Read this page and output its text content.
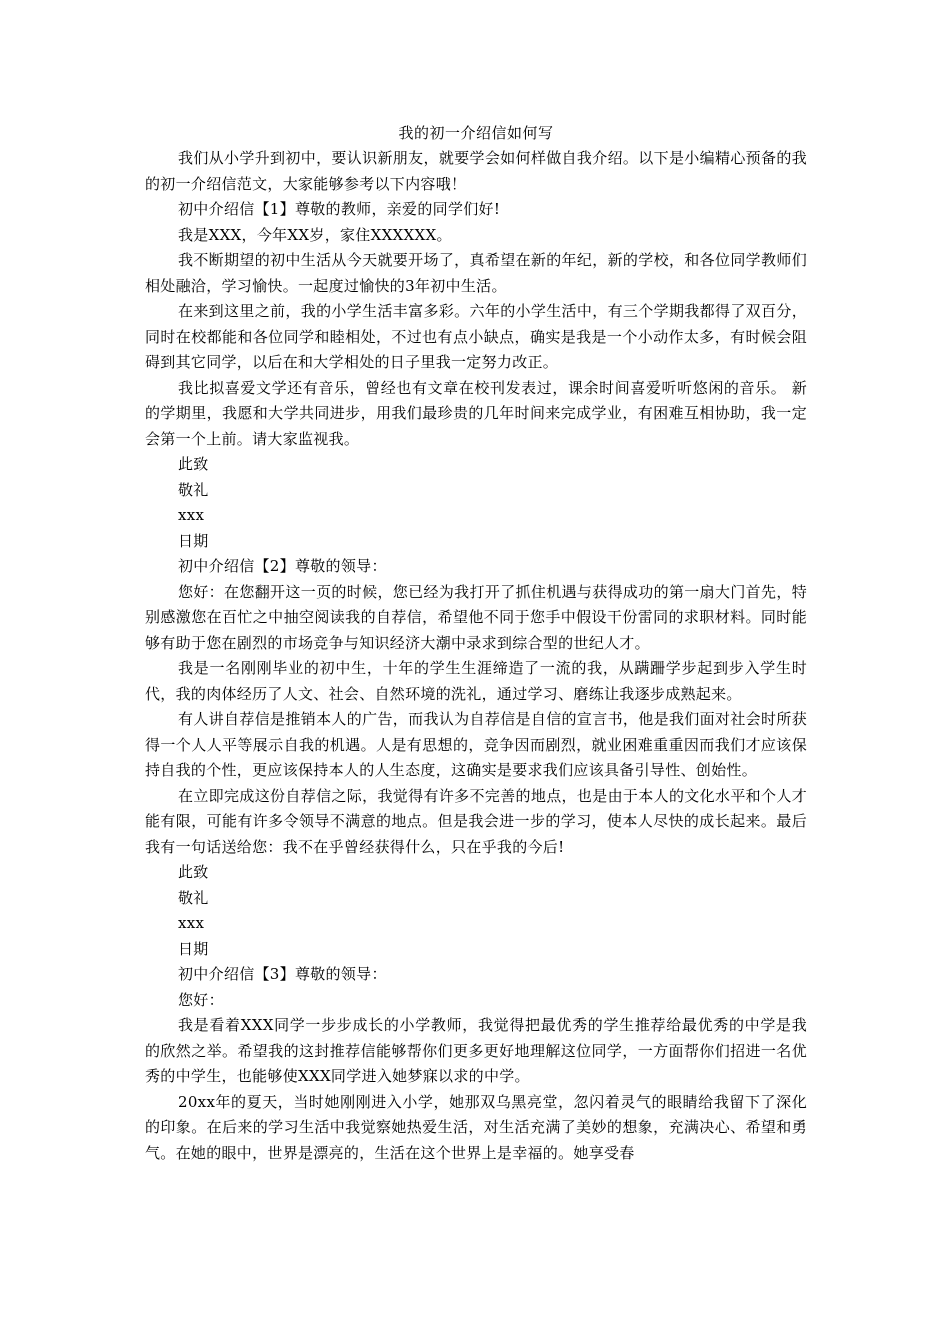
我的初一介绍信如何写

我们从小学升到初中，要认识新朋友，就要学会如何样做自我介绍。以下是小编精心预备的我的初一介绍信范文，大家能够参考以下内容哦！

初中介绍信【1】尊敬的教师，亲爱的同学们好!

我是XXX，今年XX岁，家住XXXXXX。

我不断期望的初中生活从今天就要开场了，真希望在新的年纪，新的学校，和各位同学教师们相处融洽，学习愉快。一起度过愉快的3年初中生活。

在来到这里之前，我的小学生活丰富多彩。六年的小学生活中，有三个学期我都得了双百分，同时在校都能和各位同学和睦相处，不过也有点小缺点，确实是我是一个小动作太多，有时候会阻碍到其它同学，以后在和大学相处的日子里我一定努力改正。

我比拟喜爱文学还有音乐，曾经也有文章在校刊发表过，课余时间喜爱听听悠闲的音乐。 新的学期里，我愿和大学共同进步，用我们最珍贵的几年时间来完成学业，有困难互相协助，我一定会第一个上前。请大家监视我。

此致

敬礼

xxx

日期

初中介绍信【2】尊敬的领导：

您好：在您翻开这一页的时候，您已经为我打开了抓住机遇与获得成功的第一扇大门首先，特别感激您在百忙之中抽空阅读我的自荐信，希望他不同于您手中假设干份雷同的求职材料。同时能够有助于您在剧烈的市场竞争与知识经济大潮中录求到综合型的世纪人才。

我是一名刚刚毕业的初中生，十年的学生生涯缔造了一流的我，从蹒跚学步起到步入学生时代，我的肉体经历了人文、社会、自然环境的洗礼，通过学习、磨练让我逐步成熟起来。

有人讲自荐信是推销本人的广告，而我认为自荐信是自信的宣言书，他是我们面对社会时所获得一个人人平等展示自我的机遇。人是有思想的，竞争因而剧烈，就业困难重重因而我们才应该保持自我的个性，更应该保持本人的人生态度，这确实是要求我们应该具备引导性、创始性。

在立即完成这份自荐信之际，我觉得有许多不完善的地点，也是由于本人的文化水平和个人才能有限，可能有许多令领导不满意的地点。但是我会进一步的学习，使本人尽快的成长起来。最后我有一句话送给您：我不在乎曾经获得什么，只在乎我的今后!

此致

敬礼

xxx

日期

初中介绍信【3】尊敬的领导：

您好：

我是看着XXX同学一步步成长的小学教师，我觉得把最优秀的学生推荐给最优秀的中学是我的欣然之举。希望我的这封推荐信能够帮你们更多更好地理解这位同学，一方面帮你们招进一名优秀的中学生，也能够使XXX同学进入她梦寐以求的中学。

20xx年的夏天，当时她刚刚进入小学，她那双乌黑亮堂，忽闪着灵气的眼睛给我留下了深化的印象。在后来的学习生活中我觉察她热爱生活，对生活充满了美妙的想象，充满决心、希望和勇气。在她的眼中，世界是漂亮的，生活在这个世界上是幸福的。她享受春
